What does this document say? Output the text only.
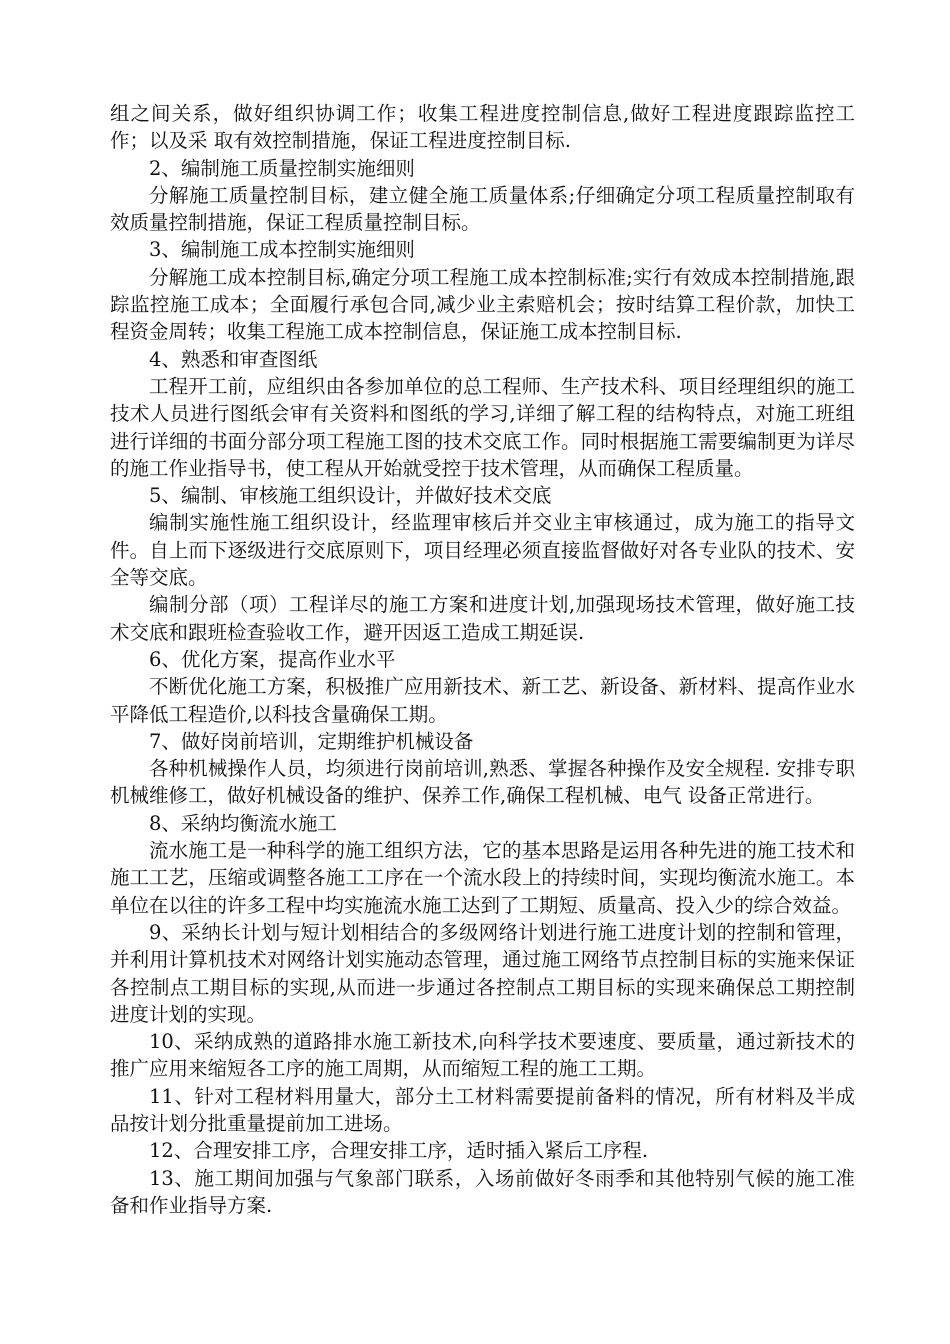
组之间关系，做好组织协调工作；收集工程进度控制信息,做好工程进度跟踪监控工作；以及采 取有效控制措施，保证工程进度控制目标.

2、编制施工质量控制实施细则

分解施工质量控制目标，建立健全施工质量体系;仔细确定分项工程质量控制取有效质量控制措施，保证工程质量控制目标。

3、编制施工成本控制实施细则

分解施工成本控制目标,确定分项工程施工成本控制标准;实行有效成本控制措施,跟踪监控施工成本；全面履行承包合同,减少业主索赔机会；按时结算工程价款，加快工程资金周转；收集工程施工成本控制信息，保证施工成本控制目标.

4、熟悉和审查图纸

工程开工前，应组织由各参加单位的总工程师、生产技术科、项目经理组织的施工技术人员进行图纸会审有关资料和图纸的学习,详细了解工程的结构特点，对施工班组进行详细的书面分部分项工程施工图的技术交底工作。同时根据施工需要编制更为详尽的施工作业指导书，使工程从开始就受控于技术管理，从而确保工程质量。

5、编制、审核施工组织设计，并做好技术交底

编制实施性施工组织设计，经监理审核后并交业主审核通过，成为施工的指导文件。自上而下逐级进行交底原则下，项目经理必须直接监督做好对各专业队的技术、安全等交底。

编制分部（项）工程详尽的施工方案和进度计划,加强现场技术管理，做好施工技术交底和跟班检查验收工作，避开因返工造成工期延误.

6、优化方案，提高作业水平

不断优化施工方案，积极推广应用新技术、新工艺、新设备、新材料、提高作业水平降低工程造价,以科技含量确保工期。

7、做好岗前培训，定期维护机械设备

各种机械操作人员，均须进行岗前培训,熟悉、掌握各种操作及安全规程. 安排专职机械维修工，做好机械设备的维护、保养工作,确保工程机械、电气 设备正常进行。

8、采纳均衡流水施工

流水施工是一种科学的施工组织方法，它的基本思路是运用各种先进的施工技术和施工工艺，压缩或调整各施工工序在一个流水段上的持续时间，实现均衡流水施工。本单位在以往的许多工程中均实施流水施工达到了工期短、质量高、投入少的综合效益。

9、采纳长计划与短计划相结合的多级网络计划进行施工进度计划的控制和管理，并利用计算机技术对网络计划实施动态管理，通过施工网络节点控制目标的实施来保证各控制点工期目标的实现,从而进一步通过各控制点工期目标的实现来确保总工期控制进度计划的实现。

10、采纳成熟的道路排水施工新技术,向科学技术要速度、要质量，通过新技术的推广应用来缩短各工序的施工周期，从而缩短工程的施工工期。

11、针对工程材料用量大，部分土工材料需要提前备料的情况，所有材料及半成品按计划分批重量提前加工进场。

12、合理安排工序，合理安排工序，适时插入紧后工序程.

13、施工期间加强与气象部门联系，入场前做好冬雨季和其他特别气候的施工准备和作业指导方案.
